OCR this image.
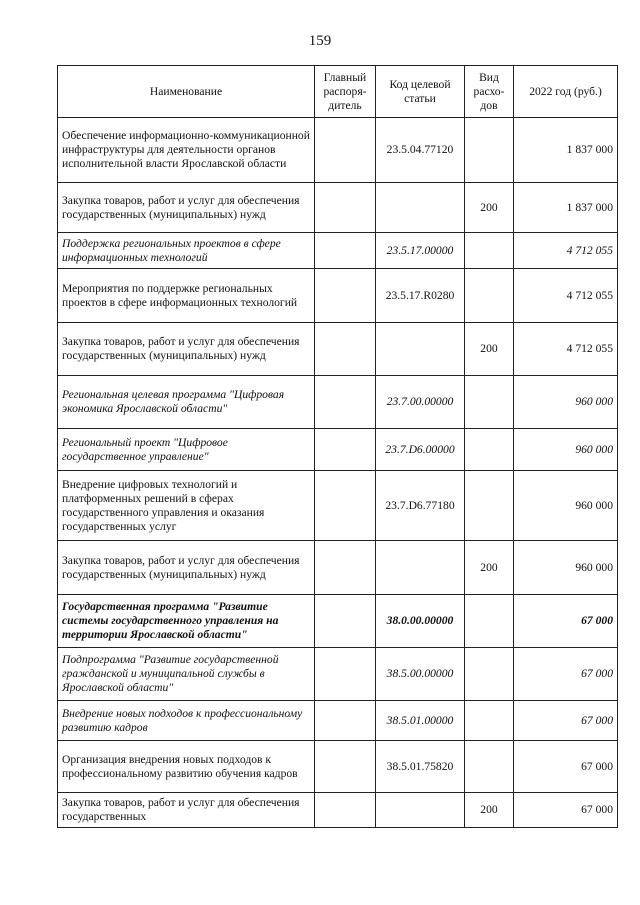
159
Наименование	Главный распоря-дитель	Код целевой статьи	Вид расхо-дов	2022 год (руб.)
Обеспечение информационно-коммуникационной инфраструктуры для деятельности органов исполнительной власти Ярославской области		23.5.04.77120		1 837 000
Закупка товаров, работ и услуг для обеспечения государственных (муниципальных) нужд			200	1 837 000
Поддержка региональных проектов в сфере информационных технологий		23.5.17.00000		4 712 055
Мероприятия по поддержке региональных проектов в сфере информационных технологий		23.5.17.R0280		4 712 055
Закупка товаров, работ и услуг для обеспечения государственных (муниципальных) нужд			200	4 712 055
Региональная целевая программа "Цифровая экономика Ярославской области"		23.7.00.00000		960 000
Региональный проект "Цифровое государственное управление"		23.7.D6.00000		960 000
Внедрение цифровых технологий и платформенных решений в сферах государственного управления и оказания государственных услуг		23.7.D6.77180		960 000
Закупка товаров, работ и услуг для обеспечения государственных (муниципальных) нужд			200	960 000
Государственная программа "Развитие системы государственного управления на территории Ярославской области"		38.0.00.00000		67 000
Подпрограмма "Развитие государственной гражданской и муниципальной службы в Ярославской области"		38.5.00.00000		67 000
Внедрение новых подходов к профессиональному развитию кадров		38.5.01.00000		67 000
Организация внедрения новых подходов к профессиональному развитию обучения кадров		38.5.01.75820		67 000
Закупка товаров, работ и услуг для обеспечения государственных			200	67 000
